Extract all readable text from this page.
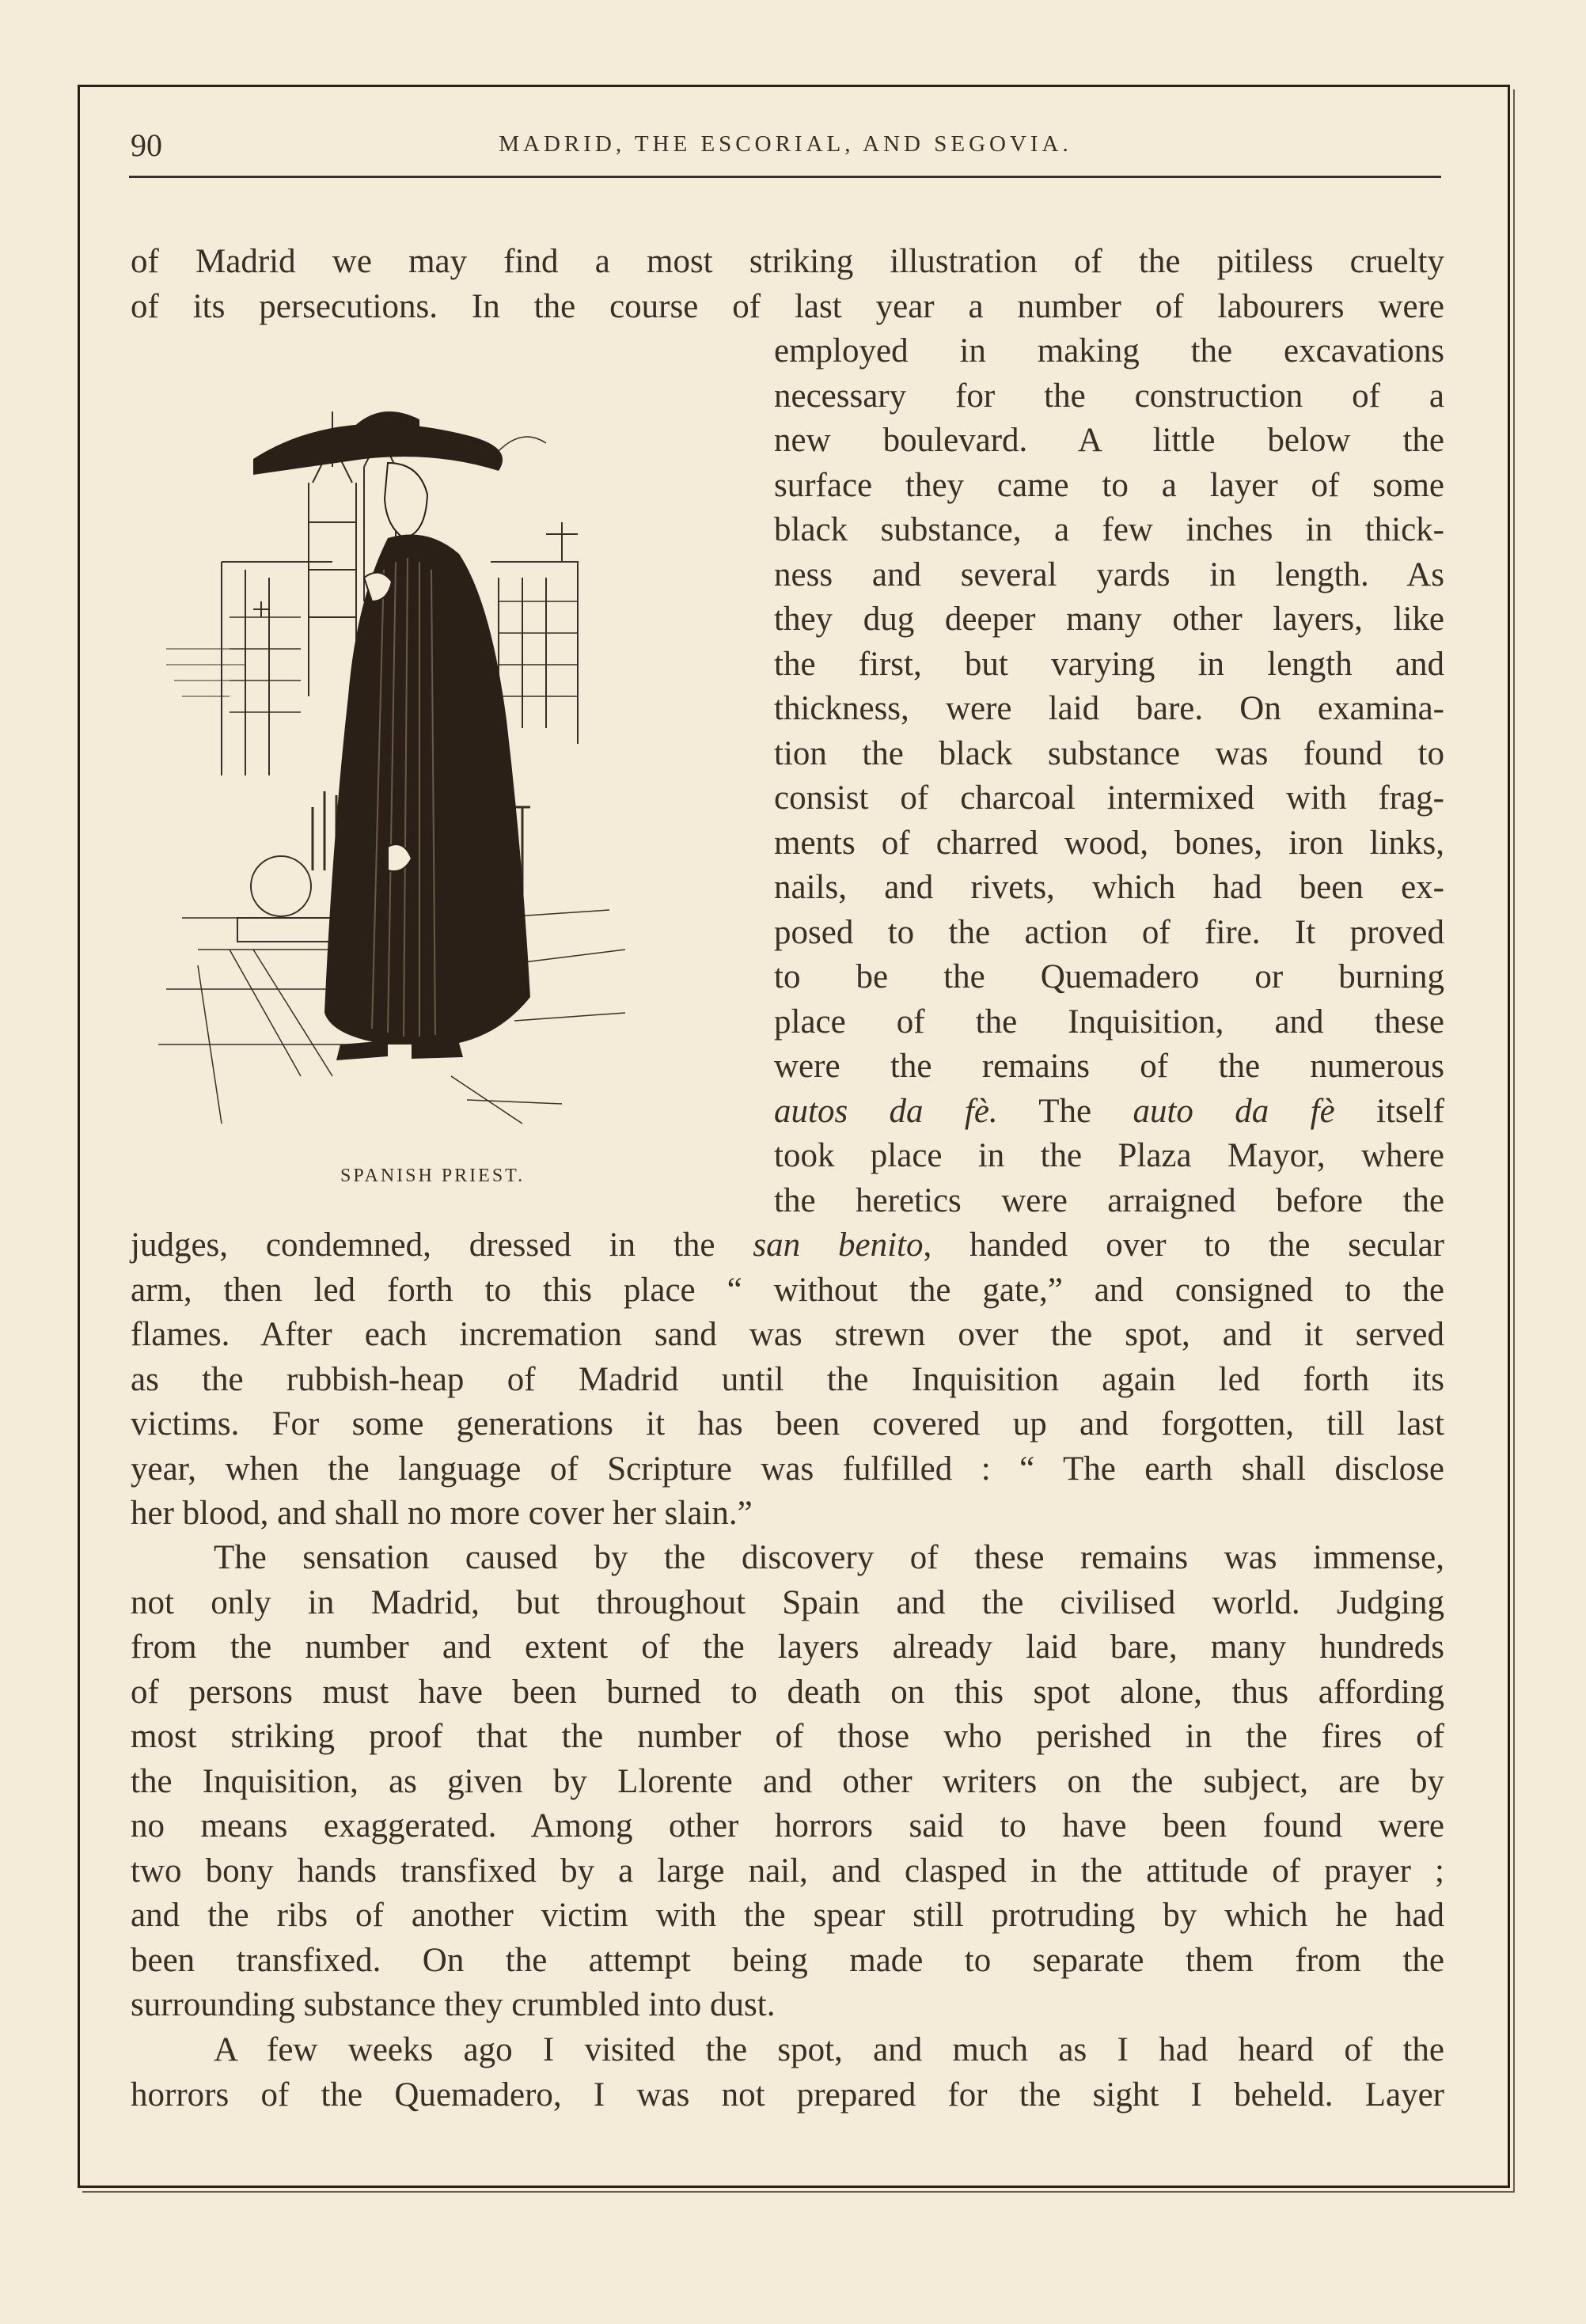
90	MADRID, THE ESCORIAL, AND SEGOVIA.
of Madrid we may find a most striking illustration of the pitiless cruelty
of its persecutions. In the course of last year a number of labourers were
SPANISH PRIEST.
employed in making the excavations
necessary for the construction of a
new boulevard. A little below the
surface they came to a layer of some
black substance, a few inches in thick-
ness and several yards in length. As
they dug deeper many other layers, like
the first, but varying in length and
thickness, were laid bare. On examina-
tion the black substance was found to
consist of charcoal intermixed with frag-
ments of charred wood, bones, iron links,
nails, and rivets, which had been ex-
posed to the action of fire. It proved
to be the Quemadero or burning
place of the Inquisition, and these
were the remains of the numerous
autos da fè. The auto da fè itself
took place in the Plaza Mayor, where
the heretics were arraigned before the
judges, condemned, dressed in the san benito, handed over to the secular
arm, then led forth to this place “ without the gate,” and consigned to the
flames. After each incremation sand was strewn over the spot, and it served
as the rubbish-heap of Madrid until the Inquisition again led forth its
victims. For some generations it has been covered up and forgotten, till last
year, when the language of Scripture was fulfilled : “ The earth shall disclose
her blood, and shall no more cover her slain.”
The sensation caused by the discovery of these remains was immense,
not only in Madrid, but throughout Spain and the civilised world. Judging
from the number and extent of the layers already laid bare, many hundreds
of persons must have been burned to death on this spot alone, thus affording
most striking proof that the number of those who perished in the fires of
the Inquisition, as given by Llorente and other writers on the subject, are by
no means exaggerated. Among other horrors said to have been found were
two bony hands transfixed by a large nail, and clasped in the attitude of prayer ;
and the ribs of another victim with the spear still protruding by which he had
been transfixed. On the attempt being made to separate them from the
surrounding substance they crumbled into dust.
A few weeks ago I visited the spot, and much as I had heard of the
horrors of the Quemadero, I was not prepared for the sight I beheld. Layer
